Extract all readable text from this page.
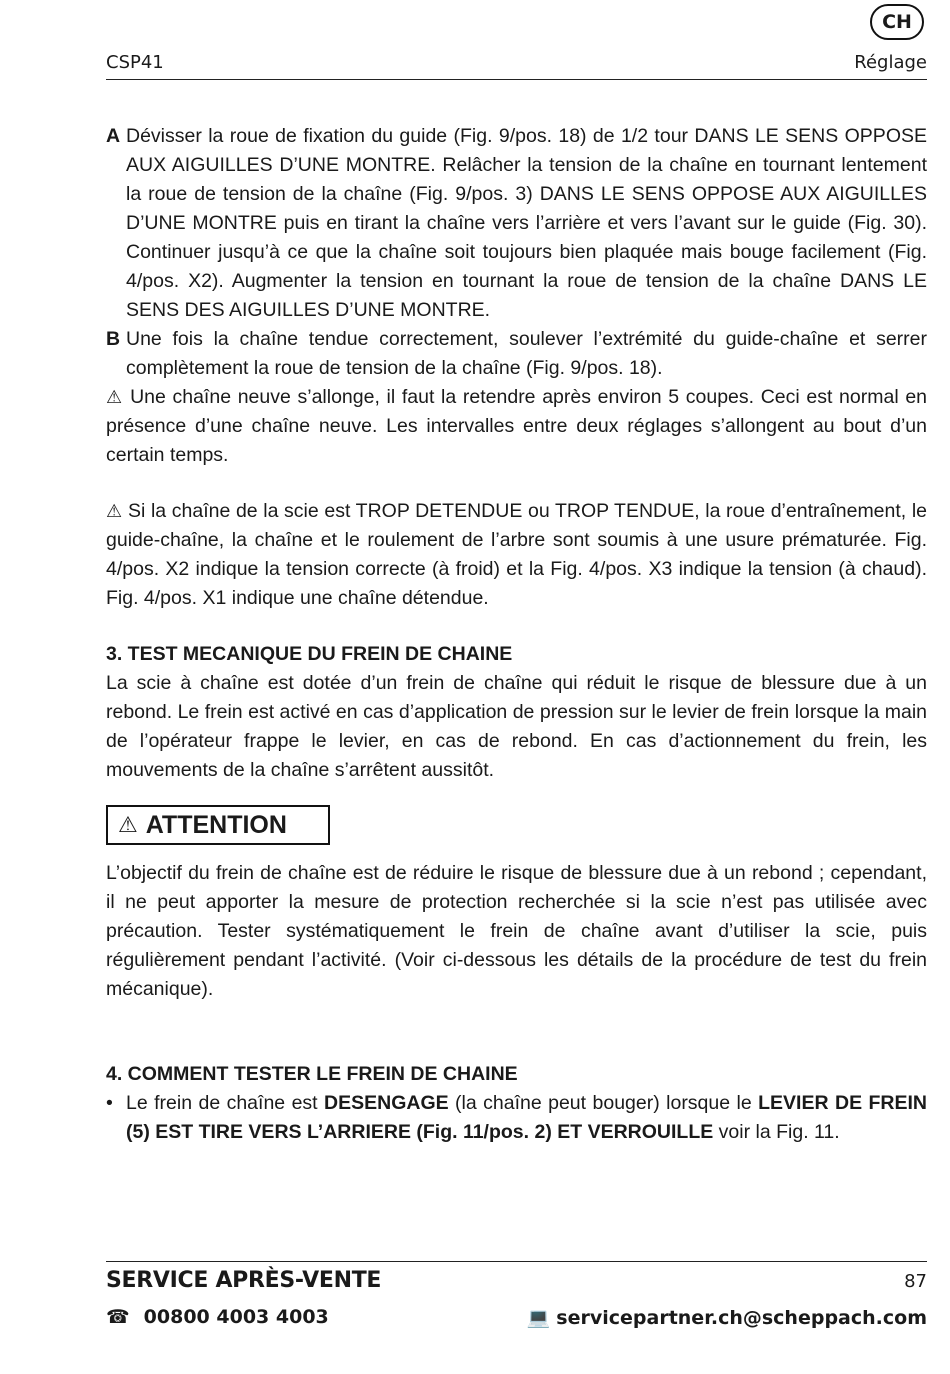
CH
CSP41	Réglage

A Dévisser la roue de fixation du guide (Fig. 9/pos. 18) de 1/2 tour DANS LE SENS OPPOSE AUX AIGUILLES D’UNE MONTRE. Relâcher la tension de la chaîne en tournant lentement la roue de tension de la chaîne (Fig. 9/pos. 3) DANS LE SENS OPPOSE AUX AIGUILLES D’UNE MONTRE puis en tirant la chaîne vers l’arrière et vers l’avant sur le guide (Fig. 30). Continuer jusqu’à ce que la chaîne soit toujours bien plaquée mais bouge facilement (Fig. 4/pos. X2). Augmenter la tension en tournant la roue de tension de la chaîne DANS LE SENS DES AIGUILLES D’UNE MONTRE.

B Une fois la chaîne tendue correctement, soulever l’extrémité du guide-chaîne et serrer complètement la roue de tension de la chaîne (Fig. 9/pos. 18).

⚠ Une chaîne neuve s’allonge, il faut la retendre après environ 5 coupes. Ceci est normal en présence d’une chaîne neuve. Les intervalles entre deux réglages s’allongent au bout d’un certain temps.

⚠ Si la chaîne de la scie est TROP DETENDUE ou TROP TENDUE, la roue d’entraînement, le guide-chaîne, la chaîne et le roulement de l’arbre sont soumis à une usure prématurée. Fig. 4/pos. X2 indique la tension correcte (à froid) et la Fig. 4/pos. X3 indique la tension (à chaud). Fig. 4/pos. X1 indique une chaîne détendue.

3. TEST MECANIQUE DU FREIN DE CHAINE

La scie à chaîne est dotée d’un frein de chaîne qui réduit le risque de blessure due à un rebond. Le frein est activé en cas d’application de pression sur le levier de frein lorsque la main de l’opérateur frappe le levier, en cas de rebond. En cas d’actionnement du frein, les mouvements de la chaîne s’arrêtent aussitôt.

⚠ ATTENTION

L’objectif du frein de chaîne est de réduire le risque de blessure due à un rebond ; cependant, il ne peut apporter la mesure de protection recherchée si la scie n’est pas utilisée avec précaution. Tester systématiquement le frein de chaîne avant d’utiliser la scie, puis régulièrement pendant l’activité. (Voir ci-dessous les détails de la procédure de test du frein mécanique).

4. COMMENT TESTER LE FREIN DE CHAINE

• Le frein de chaîne est DESENGAGE (la chaîne peut bouger) lorsque le LEVIER DE FREIN (5) EST TIRE VERS L’ARRIERE (Fig. 11/pos. 2) ET VERROUILLE voir la Fig. 11.

SERVICE APRÈS-VENTE	87
☎ 00800 4003 4003	💻 servicepartner.ch@scheppach.com
